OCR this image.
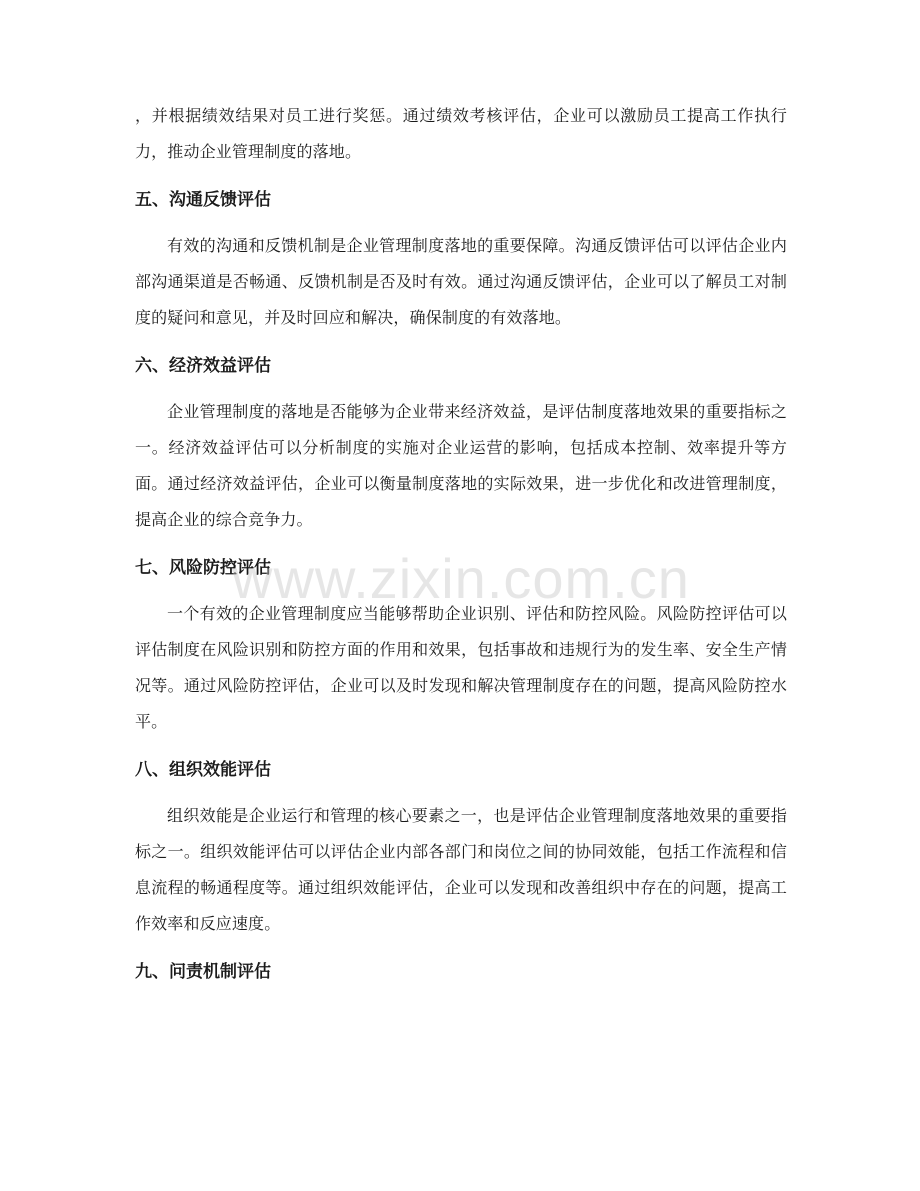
，并根据绩效结果对员工进行奖惩。通过绩效考核评估，企业可以激励员工提高工作执行力，推动企业管理制度的落地。

五、沟通反馈评估

有效的沟通和反馈机制是企业管理制度落地的重要保障。沟通反馈评估可以评估企业内部沟通渠道是否畅通、反馈机制是否及时有效。通过沟通反馈评估，企业可以了解员工对制度的疑问和意见，并及时回应和解决，确保制度的有效落地。

六、经济效益评估

企业管理制度的落地是否能够为企业带来经济效益，是评估制度落地效果的重要指标之一。经济效益评估可以分析制度的实施对企业运营的影响，包括成本控制、效率提升等方面。通过经济效益评估，企业可以衡量制度落地的实际效果，进一步优化和改进管理制度，提高企业的综合竞争力。

七、风险防控评估

一个有效的企业管理制度应当能够帮助企业识别、评估和防控风险。风险防控评估可以评估制度在风险识别和防控方面的作用和效果，包括事故和违规行为的发生率、安全生产情况等。通过风险防控评估，企业可以及时发现和解决管理制度存在的问题，提高风险防控水平。

八、组织效能评估

组织效能是企业运行和管理的核心要素之一，也是评估企业管理制度落地效果的重要指标之一。组织效能评估可以评估企业内部各部门和岗位之间的协同效能，包括工作流程和信息流程的畅通程度等。通过组织效能评估，企业可以发现和改善组织中存在的问题，提高工作效率和反应速度。

九、问责机制评估
www.zixin.com.cn
